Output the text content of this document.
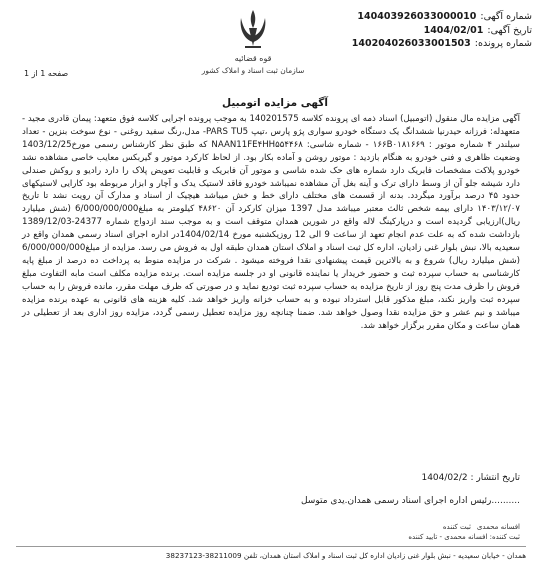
شماره آگهی:
140403926033000010
تاریخ آگهی:
1404/02/01
شماره پرونده:
140204026033001503
قوه قضائیه
سازمان ثبت اسناد و املاک کشور
صفحه 1 از 1
آگهی مزایده اتومبیل

آگهی مزایده مال منقول (اتومبیل) اسناد ذمه ای پرونده کلاسه 140201575 به موجب پرونده اجرایی کلاسه فوق متعهد: پیمان قادری مجید - متعهدله: فرزانه حیدرنیا ششدانگ یک دستگاه خودرو سواری پژو پارس ،تیپ PARS TU5- مدل،رنگ سفید روغنی - نوع سوخت بنزین - تعداد سیلندر ۴ شماره موتور : ۱۶۶B۰۱۸۱۶۶۹ - شماره شاسی: NAAN11FE۴HH۵۵۴۴۶۸ که طبق نظر کارشناس رسمی مورخ1403/12/25 وضعیت ظاهری و فنی خودرو به هنگام بازدید : موتور روشن و آماده بکار بود. از لحاظ کارکرد موتور و گیربکس معایب خاصی مشاهده نشد خودرو پلاکت مشخصات فابریک دارد شماره های حک شده شاسی و موتور آن فابریک و قابلیت تعویض پلاک را دارد رادیو و روکش صندلی دارد شیشه جلو آن از وسط دارای ترک و آینه بغل آن مشاهده نمیباشد خودرو فاقد لاستیک یدک و آچار و ابزار مربوطه بود کارایی لاستیکهای حدود ۴۵ درصد برآورد میگردد. بدنه از قسمت های مختلف دارای خط و خش میباشد هیچیک از اسناد و مدارک آن رویت نشد تا تاریخ ۱۴۰۳/۱۲/۰۷ دارای بیمه شخص ثالث معتبر میباشد مدل 1397 میزان کارکرد آن ۴۸۶۲۰ کیلومتر به مبلغ6/000/000/000 (شش میلیارد ریال)ارزیابی گردیده است و درپارکینگ لاله واقع در شورین همدان متوقف است و به موجب سند ازدواج شماره 24377-1389/12/03 بازداشت شده که به علت عدم انجام تعهد از ساعت 9 الی 12 روزیکشنبه مورخ 1404/02/14در اداره اجرای اسناد رسمی همدان واقع در سعیدیه بالا، نبش بلوار غنی زادیان، اداره کل ثبت اسناد و املاک استان همدان طبقه اول به فروش می رسد. مزایده از مبلغ6/000/000/000 (شش میلیارد ریال) شروع و به بالاترین قیمت پیشنهادی نقدا فروخته میشود . شرکت در مزایده منوط به پرداخت ده درصد از مبلغ پایه کارشناسی به حساب سپرده ثبت و حضور خریدار یا نماینده قانونی او در جلسه مزایده است. برنده مزایده مکلف است مابه التفاوت مبلغ فروش را ظرف مدت پنج روز از تاریخ مزایده به حساب سپرده ثبت تودیع نماید و در صورتی که ظرف مهلت مقرر، مانده فروش را به حساب سپرده ثبت واریز نکند، مبلغ مذکور قابل استرداد نبوده و به حساب خزانه واریز خواهد شد. کلیه هزینه های قانونی به عهده برنده مزایده میباشد و نیم عشر و حق مزایده نقدا وصول خواهد شد. ضمنا چنانچه روز مزایده تعطیل رسمی گردد، مزایده روز اداری بعد از تعطیلی در همان ساعت و مکان مقرر برگزار خواهد شد.

تاریخ انتشار : 1404/02/2
..........رئیس اداره اجرای اسناد رسمی همدان.یدی متوسل
افسانه محمدی
ثبت کننده
ثبت کننده: افسانه محمدی - تایید کننده
همدان - خیابان سعیدیه - نبش بلوار غنی زادیان اداره کل ثبت اسناد و املاک استان همدان، تلفن 38211009-38237123
